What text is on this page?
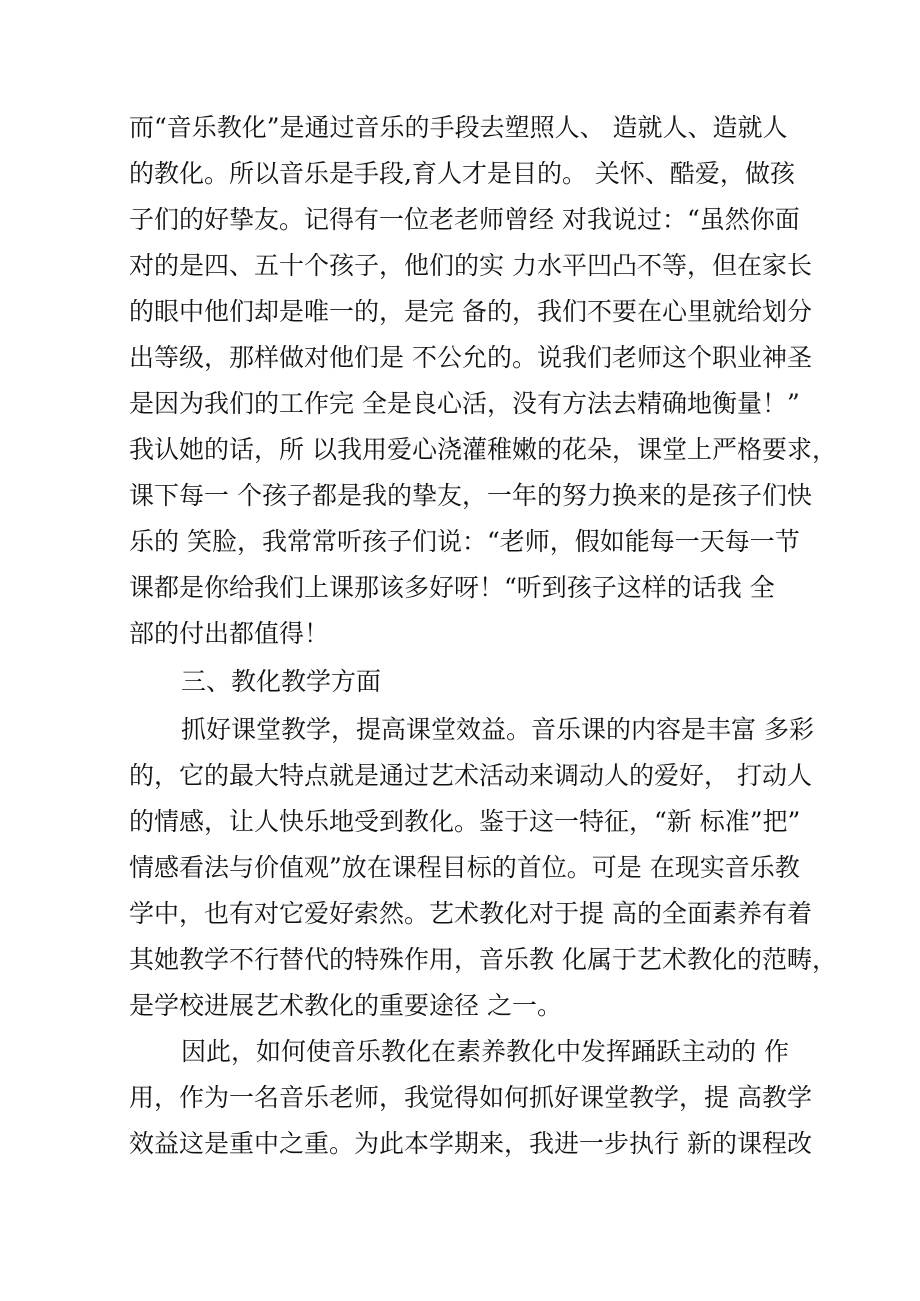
而“音乐教化”是通过音乐的手段去塑照人、 造就人、造就人

的教化。所以音乐是手段,育人才是目的。 关怀、酷爱，做孩

子们的好挚友。记得有一位老老师曾经 对我说过：“虽然你面

对的是四、五十个孩子，他们的实 力水平凹凸不等，但在家长

的眼中他们却是唯一的，是完 备的，我们不要在心里就给划分

出等级，那样做对他们是 不公允的。说我们老师这个职业神圣

是因为我们的工作完 全是良心活，没有方法去精确地衡量！”

我认她的话，所 以我用爱心浇灌稚嫩的花朵，课堂上严格要求，

课下每一 个孩子都是我的挚友，一年的努力换来的是孩子们快

乐的 笑脸，我常常听孩子们说：“老师，假如能每一天每一节

课都是你给我们上课那该多好呀！“听到孩子这样的话我 全

部的付出都值得！

三、教化教学方面

抓好课堂教学，提高课堂效益。音乐课的内容是丰富 多彩

的，它的最大特点就是通过艺术活动来调动人的爱好， 打动人

的情感，让人快乐地受到教化。鉴于这一特征，“新 标准”把”

情感看法与价值观”放在课程目标的首位。可是 在现实音乐教

学中，也有对它爱好索然。艺术教化对于提 高的全面素养有着

其她教学不行替代的特殊作用，音乐教 化属于艺术教化的范畴，

是学校进展艺术教化的重要途径 之一。

因此，如何使音乐教化在素养教化中发挥踊跃主动的 作

用，作为一名音乐老师，我觉得如何抓好课堂教学，提 高教学

效益这是重中之重。为此本学期来，我进一步执行 新的课程改
